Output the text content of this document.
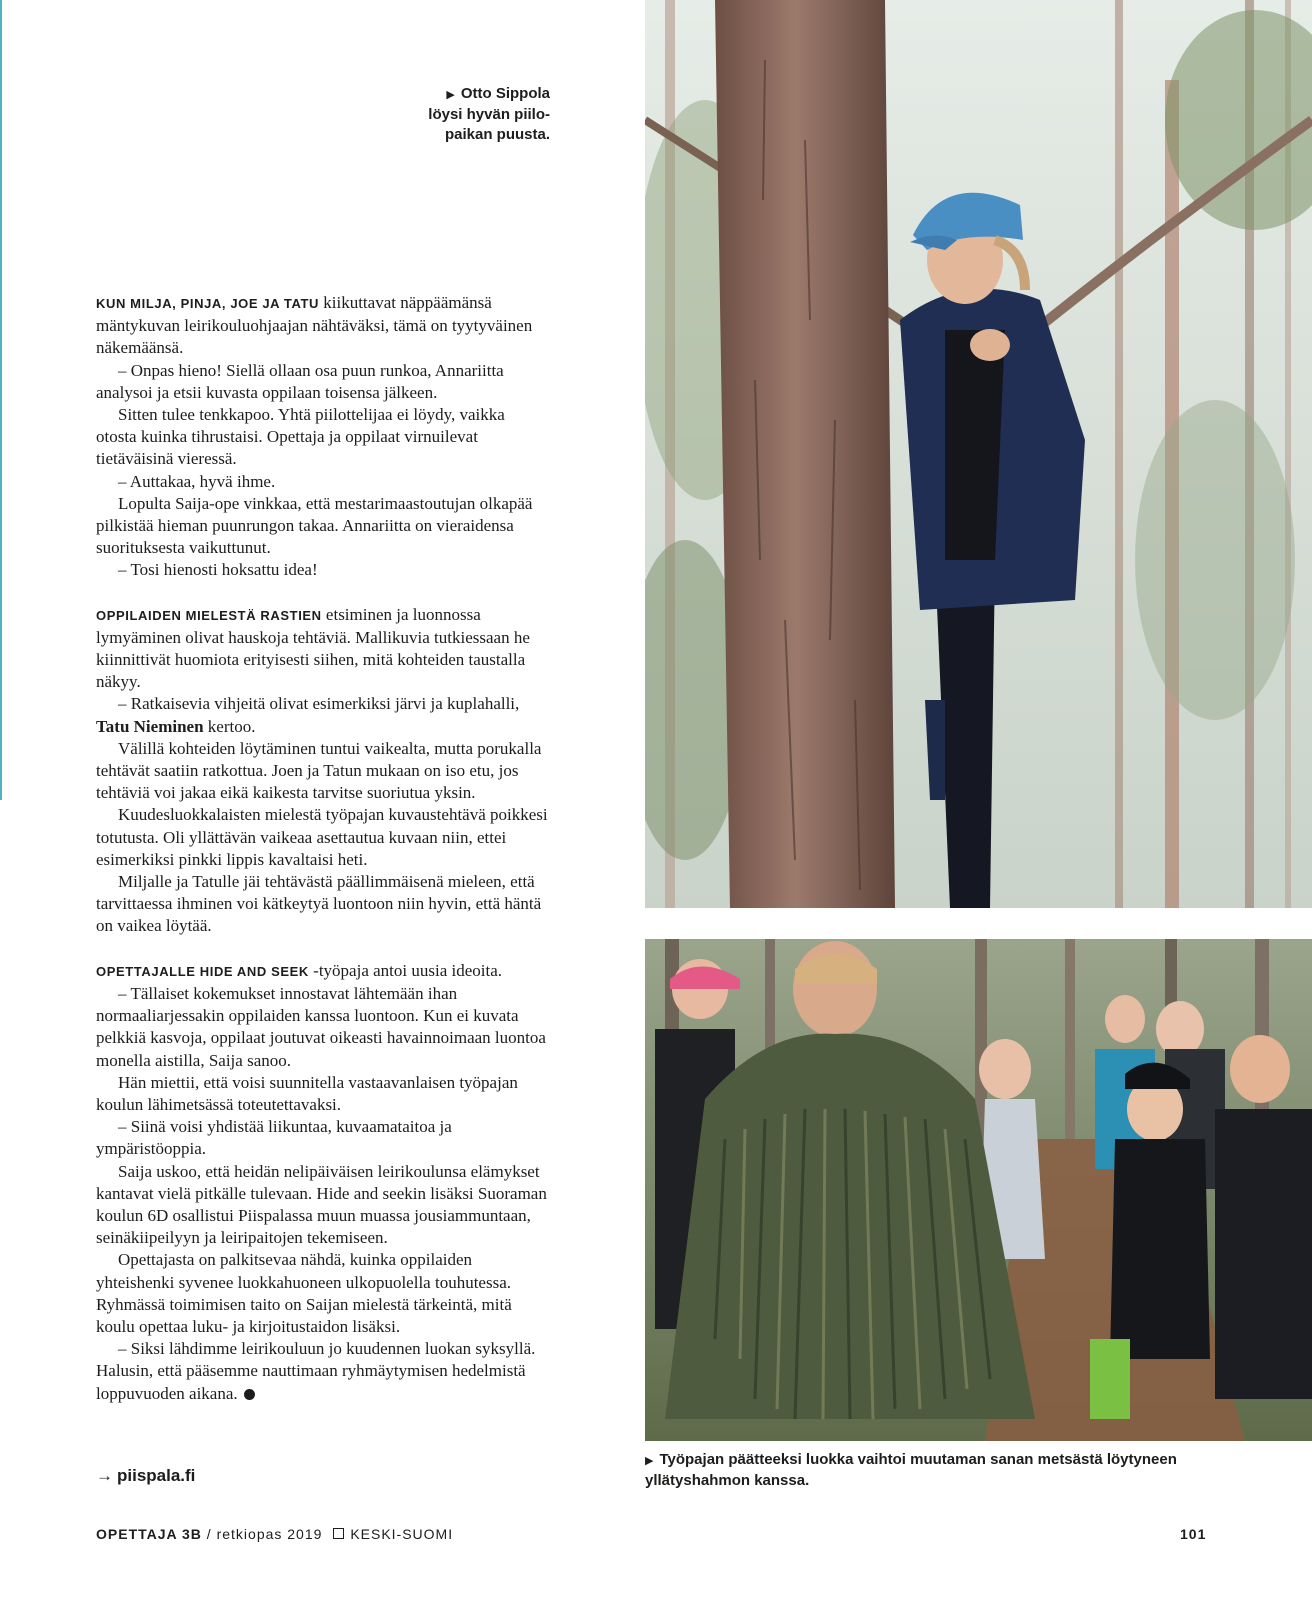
▶ Otto Sippola
löysi hyvän piilo-
paikan puusta.

KUN MILJA, PINJA, JOE JA TATU kiikuttavat näppäämänsä mäntykuvan leirikouluohjaajan nähtäväksi, tämä on tyytyväinen näkemäänsä.

– Onpas hieno! Siellä ollaan osa puun runkoa, Annariitta analysoi ja etsii kuvasta oppilaan toisensa jälkeen.

Sitten tulee tenkkapoo. Yhtä piilottelijaa ei löydy, vaikka otosta kuinka tihrustaisi. Opettaja ja oppilaat virnuilevat tietäväisinä vieressä.

– Auttakaa, hyvä ihme.

Lopulta Saija-ope vinkkaa, että mestarimaastoutujan olkapää pilkistää hieman puunrungon takaa. Annariitta on vieraidensa suorituksesta vaikuttunut.

– Tosi hienosti hoksattu idea!

OPPILAIDEN MIELESTÄ RASTIEN etsiminen ja luonnossa lymyäminen olivat hauskoja tehtäviä. Mallikuvia tutkiessaan he kiinnittivät huomiota erityisesti siihen, mitä kohteiden taustalla näkyy.

– Ratkaisevia vihjeitä olivat esimerkiksi järvi ja kuplahalli, Tatu Nieminen kertoo.

Välillä kohteiden löytäminen tuntui vaikealta, mutta porukalla tehtävät saatiin ratkottua. Joen ja Tatun mukaan on iso etu, jos tehtäviä voi jakaa eikä kaikesta tarvitse suoriutua yksin.

Kuudesluokkalaisten mielestä työpajan kuvaustehtävä poikkesi totutusta. Oli yllättävän vaikeaa asettautua kuvaan niin, ettei esimerkiksi pinkki lippis kavaltaisi heti.

Miljalle ja Tatulle jäi tehtävästä päällimmäisenä mieleen, että tarvittaessa ihminen voi kätkeytyä luontoon niin hyvin, että häntä on vaikea löytää.

OPETTAJALLE HIDE AND SEEK -työpaja antoi uusia ideoita.

– Tällaiset kokemukset innostavat lähtemään ihan normaaliarjessakin oppilaiden kanssa luontoon. Kun ei kuvata pelkkiä kasvoja, oppilaat joutuvat oikeasti havainnoimaan luontoa monella aistilla, Saija sanoo.

Hän miettii, että voisi suunnitella vastaavanlaisen työpajan koulun lähimetsässä toteutettavaksi.

– Siinä voisi yhdistää liikuntaa, kuvaamataitoa ja ympäristöoppia.

Saija uskoo, että heidän nelipäiväisen leirikoulunsa elämykset kantavat vielä pitkälle tulevaan. Hide and seekin lisäksi Suoraman koulun 6D osallistui Piispalassa muun muassa jousiammuntaan, seinäkiipeilyyn ja leiripaitojen tekemiseen.

Opettajasta on palkitsevaa nähdä, kuinka oppilaiden yhteishenki syvenee luokkahuoneen ulkopuolella touhutessa. Ryhmässä toimimisen taito on Saijan mielestä tärkeintä, mitä koulu opettaa luku- ja kirjoitustaidon lisäksi.

– Siksi lähdimme leirikouluun jo kuudennen luokan syksyllä. Halusin, että pääsemme nauttimaan ryhmäytymisen hedelmistä loppuvuoden aikana.

→ piispala.fi
▶ Työpajan päätteeksi luokka vaihtoi muutaman sanan metsästä löytyneen
yllätyshahmon kanssa.
OPETTAJA 3B / retkiopas 2019 KESKI-SUOMI	101
